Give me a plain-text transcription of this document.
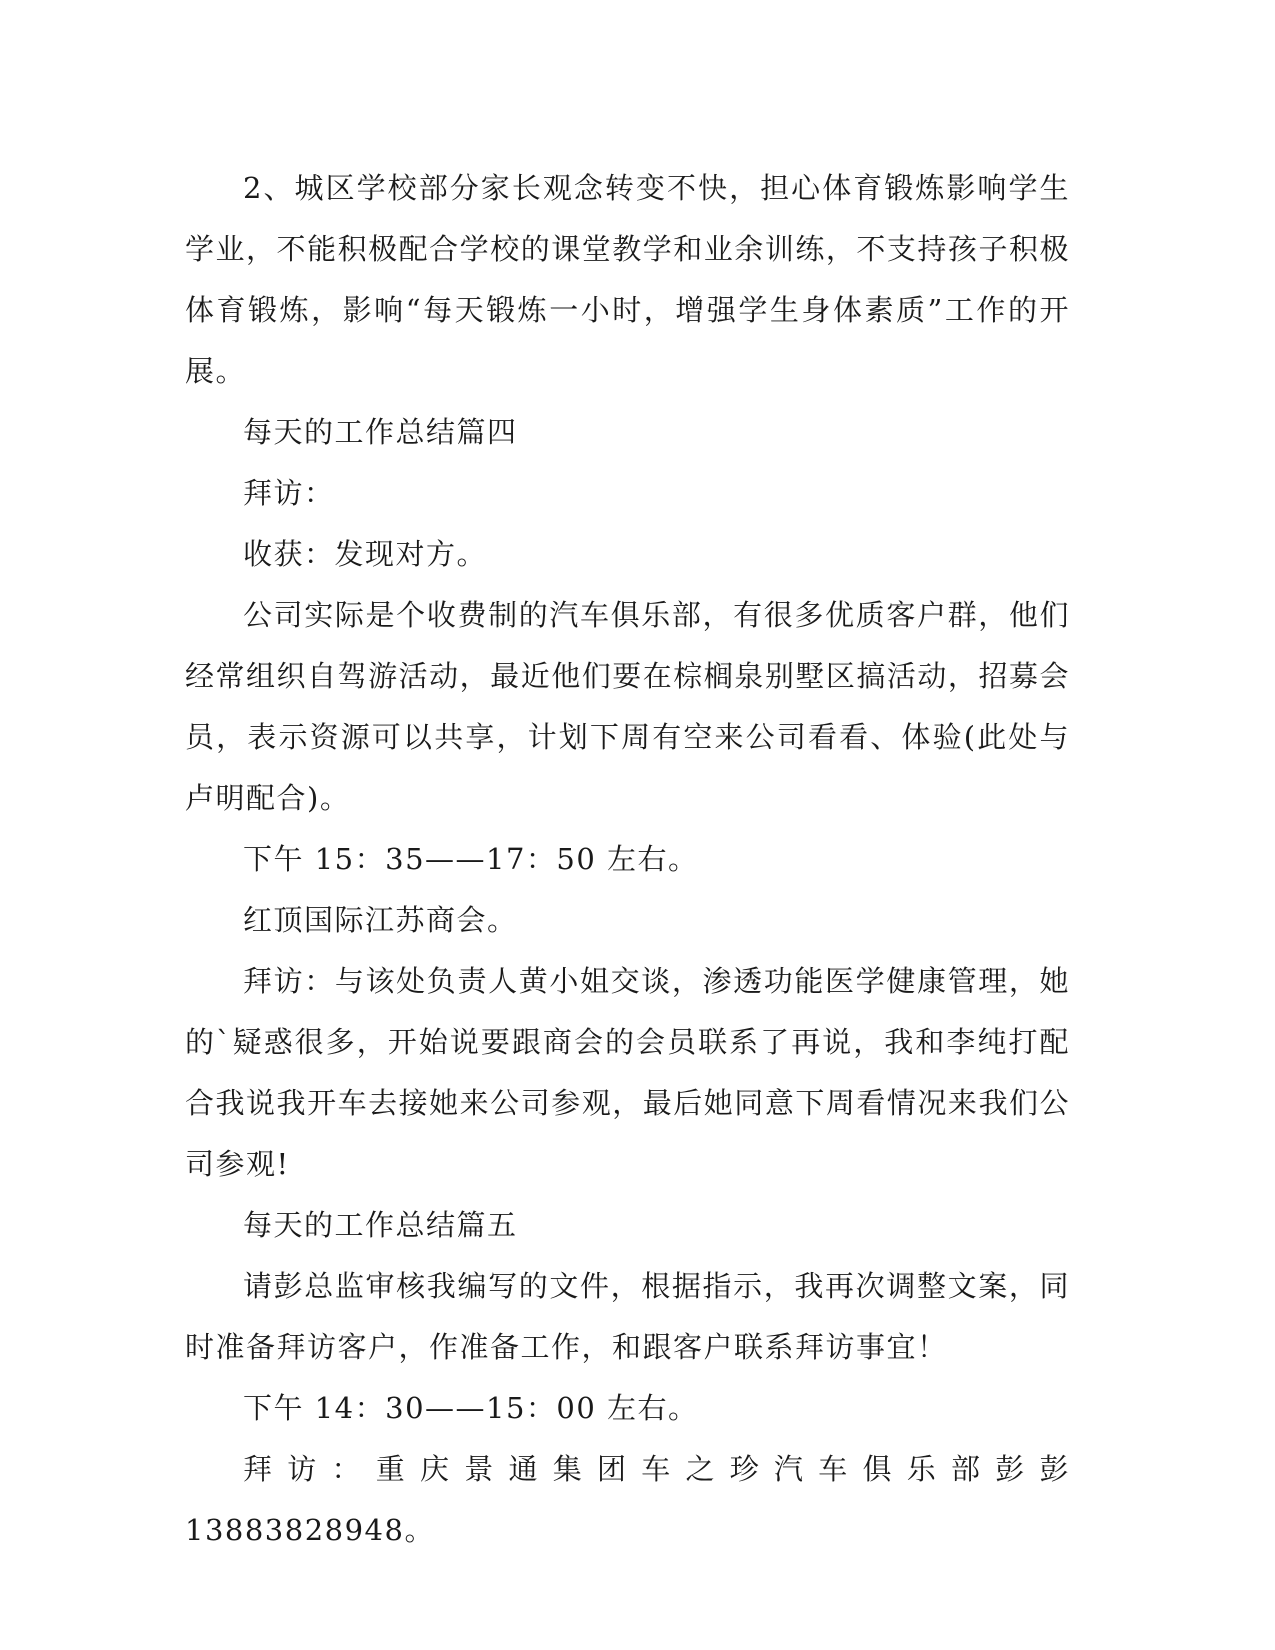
2、城区学校部分家长观念转变不快，担心体育锻炼影响学生学业，不能积极配合学校的课堂教学和业余训练，不支持孩子积极体育锻炼，影响“每天锻炼一小时，增强学生身体素质”工作的开展。

每天的工作总结篇四

拜访：

收获：发现对方。

公司实际是个收费制的汽车俱乐部，有很多优质客户群，他们经常组织自驾游活动，最近他们要在棕榈泉别墅区搞活动，招募会员，表示资源可以共享，计划下周有空来公司看看、体验(此处与卢明配合)。

下午 15：35——17：50 左右。

红顶国际江苏商会。

拜访：与该处负责人黄小姐交谈，渗透功能医学健康管理，她的`疑惑很多，开始说要跟商会的会员联系了再说，我和李纯打配合我说我开车去接她来公司参观，最后她同意下周看情况来我们公司参观!

每天的工作总结篇五

请彭总监审核我编写的文件，根据指示，我再次调整文案，同时准备拜访客户，作准备工作，和跟客户联系拜访事宜！

下午 14：30——15：00 左右。

拜访：重庆景通集团车之珍汽车俱乐部彭彭 13883828948。
